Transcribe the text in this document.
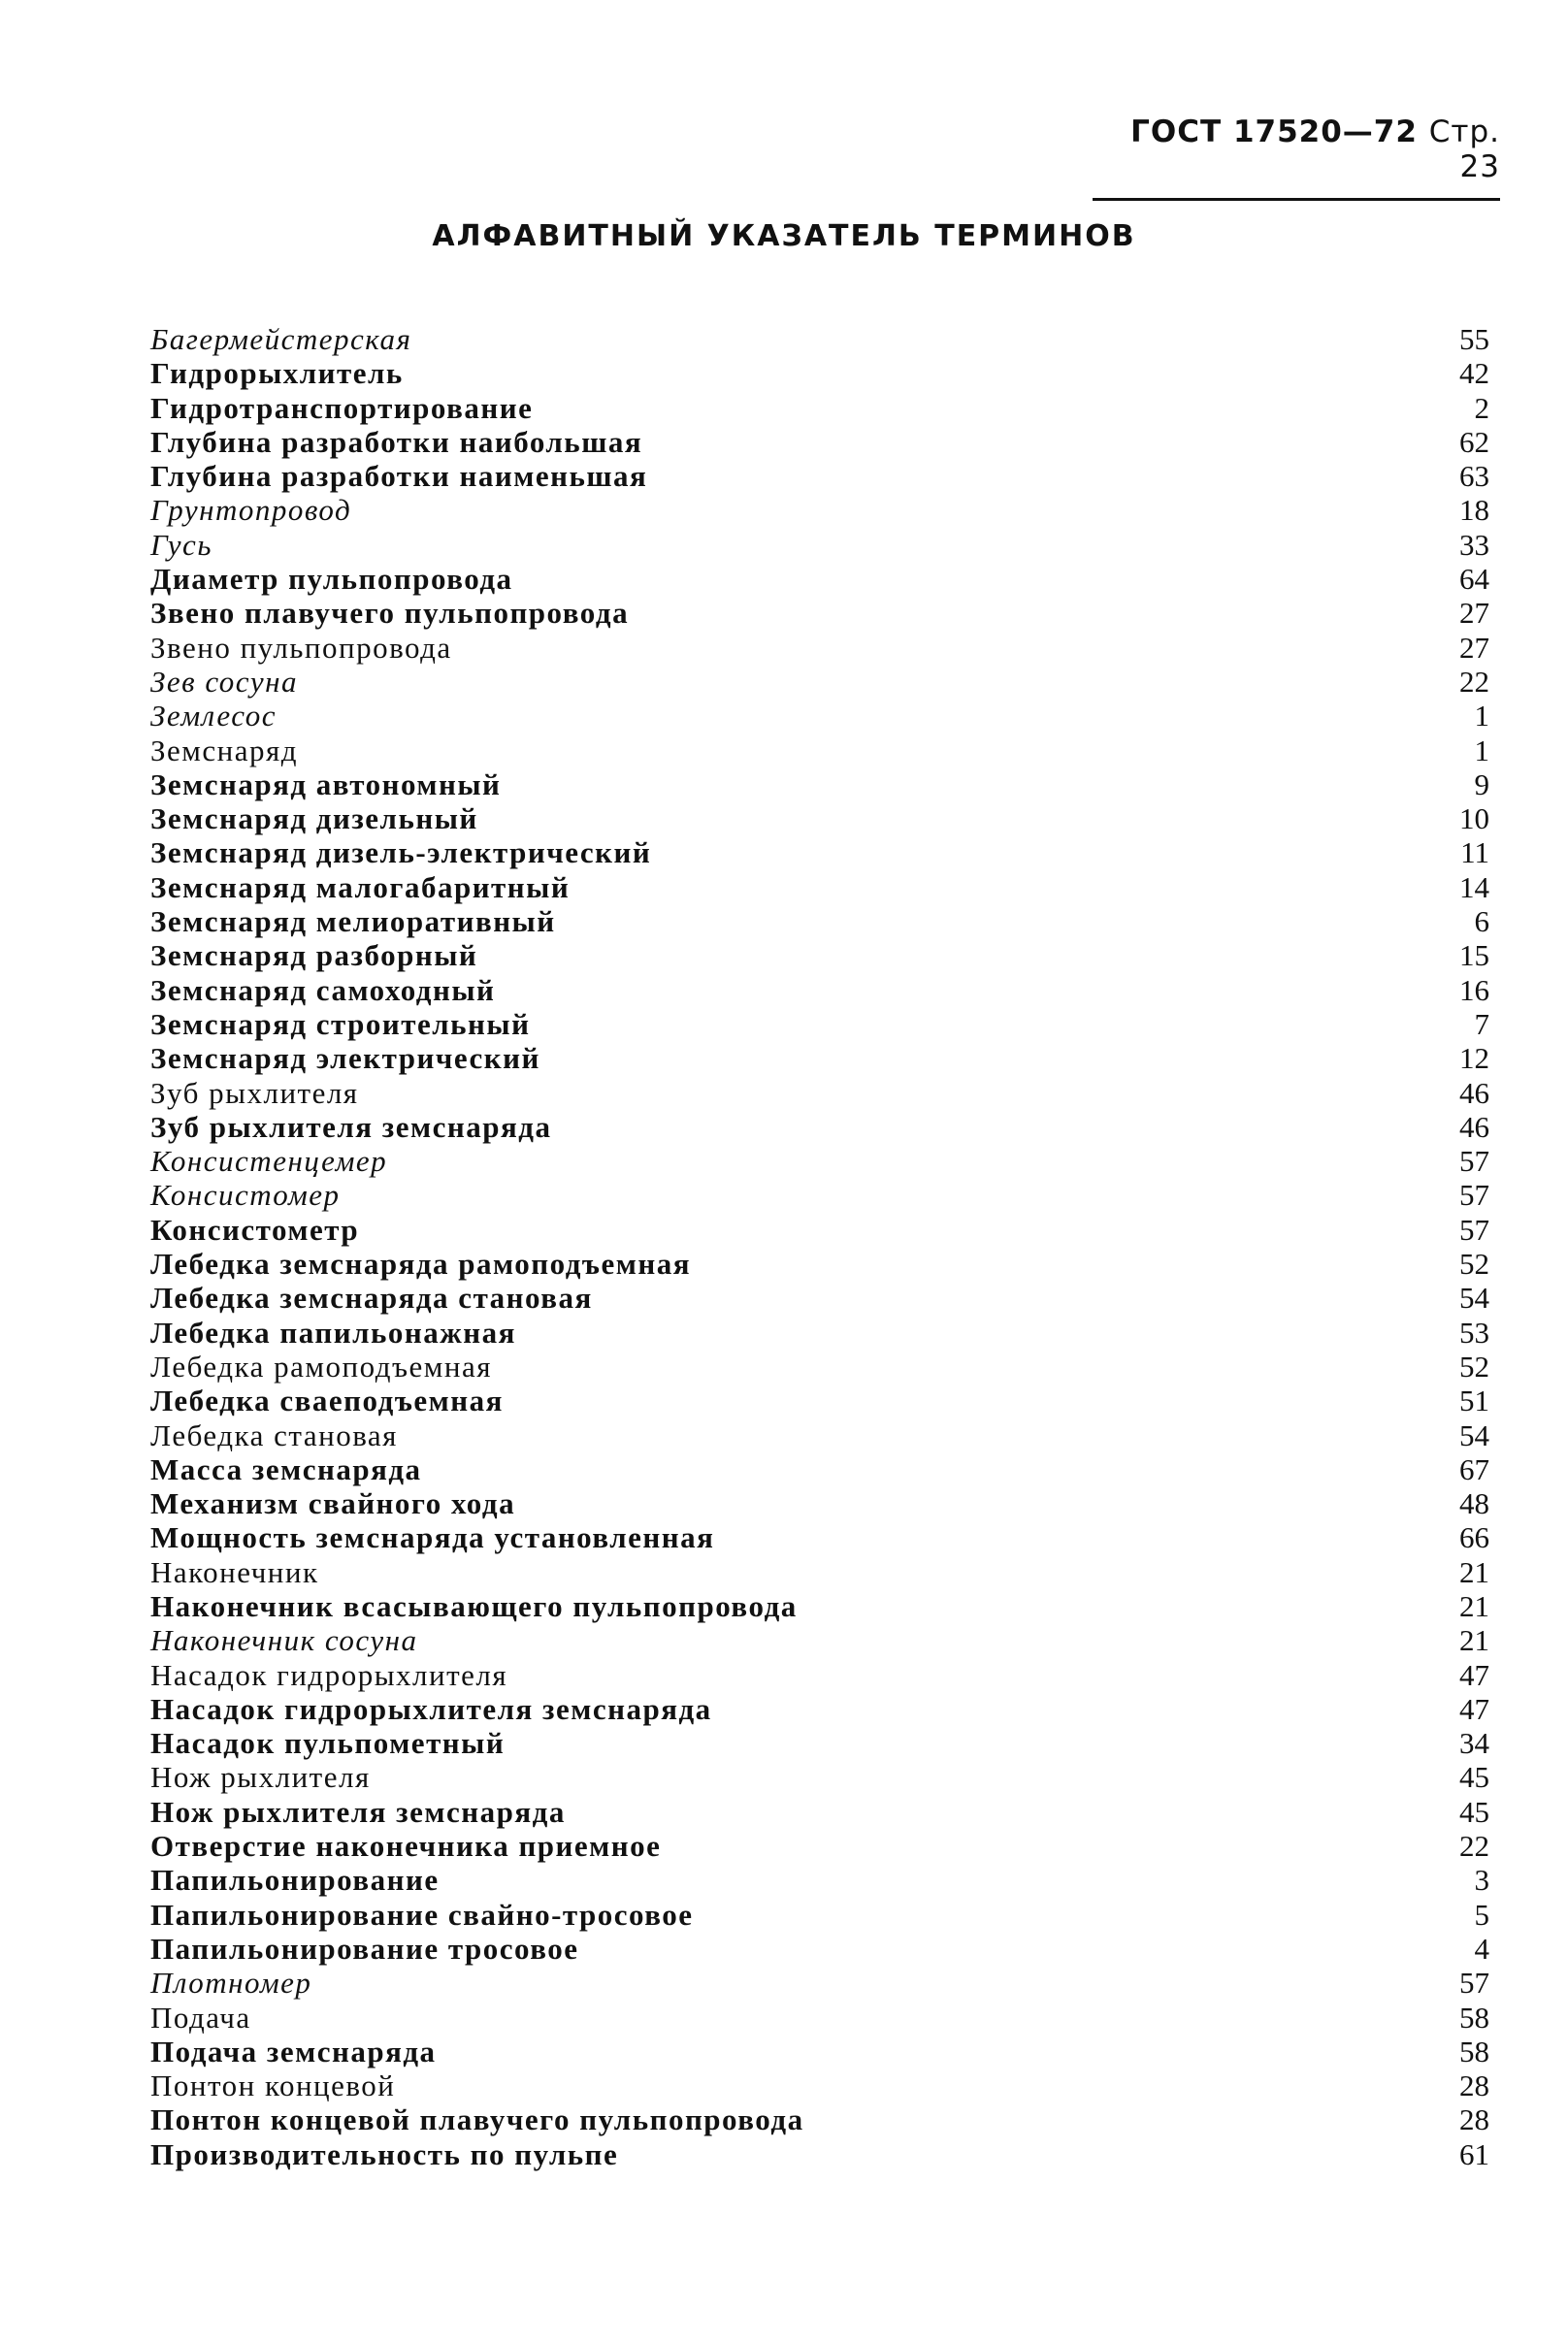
ГОСТ 17520—72 Стр. 23
АЛФАВИТНЫЙ УКАЗАТЕЛЬ ТЕРМИНОВ
Багермейстерская	55
Гидрорыхлитель	42
Гидротранспортирование	2
Глубина разработки наибольшая	62
Глубина разработки наименьшая	63
Грунтопровод	18
Гусь	33
Диаметр пульпопровода	64
Звено плавучего пульпопровода	27
Звено пульпопровода	27
Зев сосуна	22
Землесос	1
Земснаряд	1
Земснаряд автономный	9
Земснаряд дизельный	10
Земснаряд дизель-электрический	11
Земснаряд малогабаритный	14
Земснаряд мелиоративный	6
Земснаряд разборный	15
Земснаряд самоходный	16
Земснаряд строительный	7
Земснаряд электрический	12
Зуб рыхлителя	46
Зуб рыхлителя земснаряда	46
Консистенцемер	57
Консистомер	57
Консистометр	57
Лебедка земснаряда рамоподъемная	52
Лебедка земснаряда становая	54
Лебедка папильонажная	53
Лебедка рамоподъемная	52
Лебедка сваеподъемная	51
Лебедка становая	54
Масса земснаряда	67
Механизм свайного хода	48
Мощность земснаряда установленная	66
Наконечник	21
Наконечник всасывающего пульпопровода	21
Наконечник сосуна	21
Насадок гидрорыхлителя	47
Насадок гидрорыхлителя земснаряда	47
Насадок пульпометный	34
Нож рыхлителя	45
Нож рыхлителя земснаряда	45
Отверстие наконечника приемное	22
Папильонирование	3
Папильонирование свайно-тросовое	5
Папильонирование тросовое	4
Плотномер	57
Подача	58
Подача земснаряда	58
Понтон концевой	28
Понтон концевой плавучего пульпопровода	28
Производительность по пульпе	61
